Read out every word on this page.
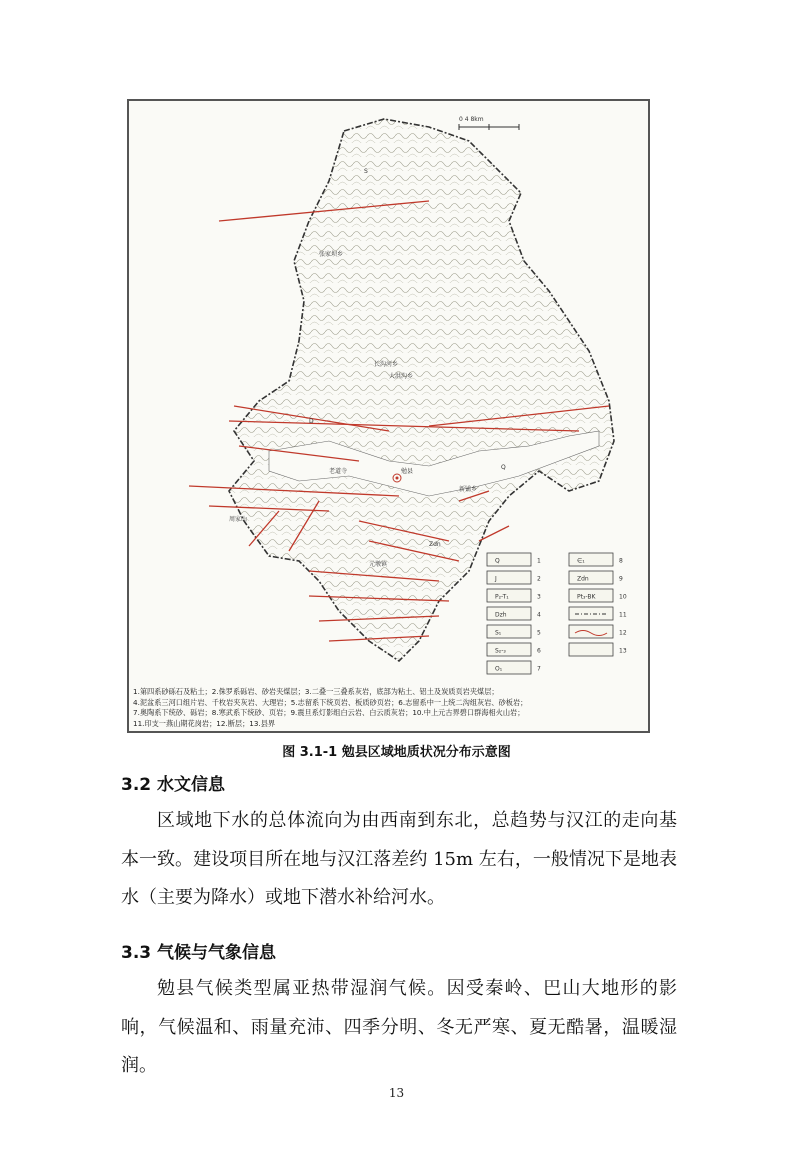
0 4 8km
张家坝乡
长沟河乡
大洪沟乡
勉县
元墩镇
老道寺
新铺乡
周家山
Q
S
D
Zdn
Q	1
J	2
P₂-T₁	3
Dzh	4
S₁	5
S₂-₃	6
O₁	7
∈₁	8
Zdn	9
Pt₃-BK	10
11
12
13
1.第四系砂砾石及粘土；2.侏罗系砾岩、砂岩夹煤层；3.二叠一三叠系灰岩，底部为粘土、铝土及炭质页岩夹煤层；
4.泥盆系三河口组片岩、千枚岩夹灰岩、大理岩；5.志留系下统页岩、板质砂页岩；6.志留系中一上统二沟组灰岩、砂板岩；
7.奥陶系下统砂、砾岩；8.寒武系下统砂、页岩；9.震旦系灯影组白云岩、白云质灰岩；10.中上元古界碧口群海相火山岩；
11.印支一燕山期花岗岩；12.断层；13.县界
图 3.1-1 勉县区域地质状况分布示意图
3.2 水文信息
区域地下水的总体流向为由西南到东北，总趋势与汉江的走向基本一致。建设项目所在地与汉江落差约 15m 左右，一般情况下是地表水（主要为降水）或地下潜水补给河水。
3.3 气候与气象信息
勉县气候类型属亚热带湿润气候。因受秦岭、巴山大地形的影响，气候温和、雨量充沛、四季分明、冬无严寒、夏无酷暑，温暖湿润。
13
